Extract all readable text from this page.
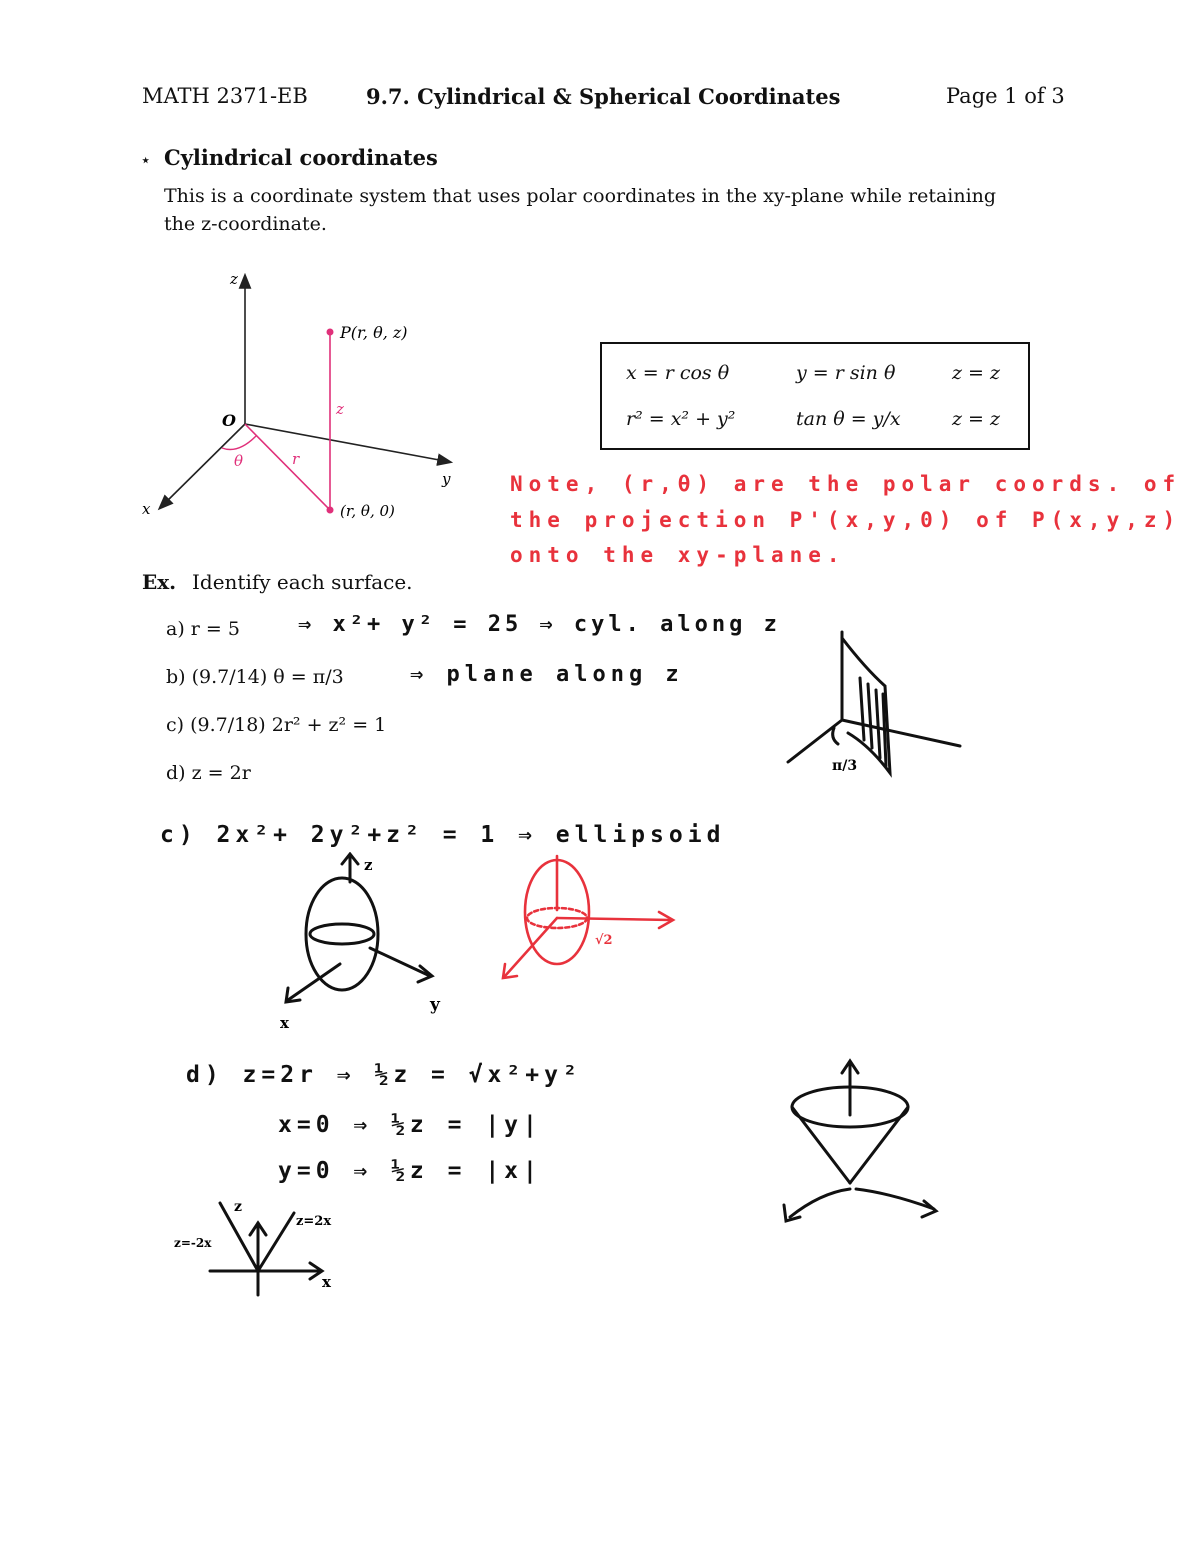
MATH 2371-EB	9.7. Cylindrical & Spherical Coordinates	Page 1 of 3
⋆ Cylindrical coordinates
This is a coordinate system that uses polar coordinates in the xy-plane while retaining
the z-coordinate.
z
x
y
O
P(r, θ, z)
z
r
θ
(r, θ, 0)
x = r cos θ	y = r sin θ	z = z
r² = x² + y²	tan θ = y/x	z = z
Note, (r,θ) are the polar coords. of
the projection P'(x,y,0) of P(x,y,z)
onto the xy-plane.
Ex. Identify each surface.
a) r = 5
b) (9.7/14) θ = π/3
c) (9.7/18) 2r² + z² = 1
d) z = 2r
⇒ x²+ y² = 25 ⇒ cyl. along z
⇒ plane along z
π/3
c) 2x²+ 2y²+z² = 1 ⇒ ellipsoid
z
x
y
√2
d) z=2r ⇒ ½z = √x²+y²
x=0 ⇒ ½z = |y|
y=0 ⇒ ½z = |x|
z
x
z=-2x
z=2x
